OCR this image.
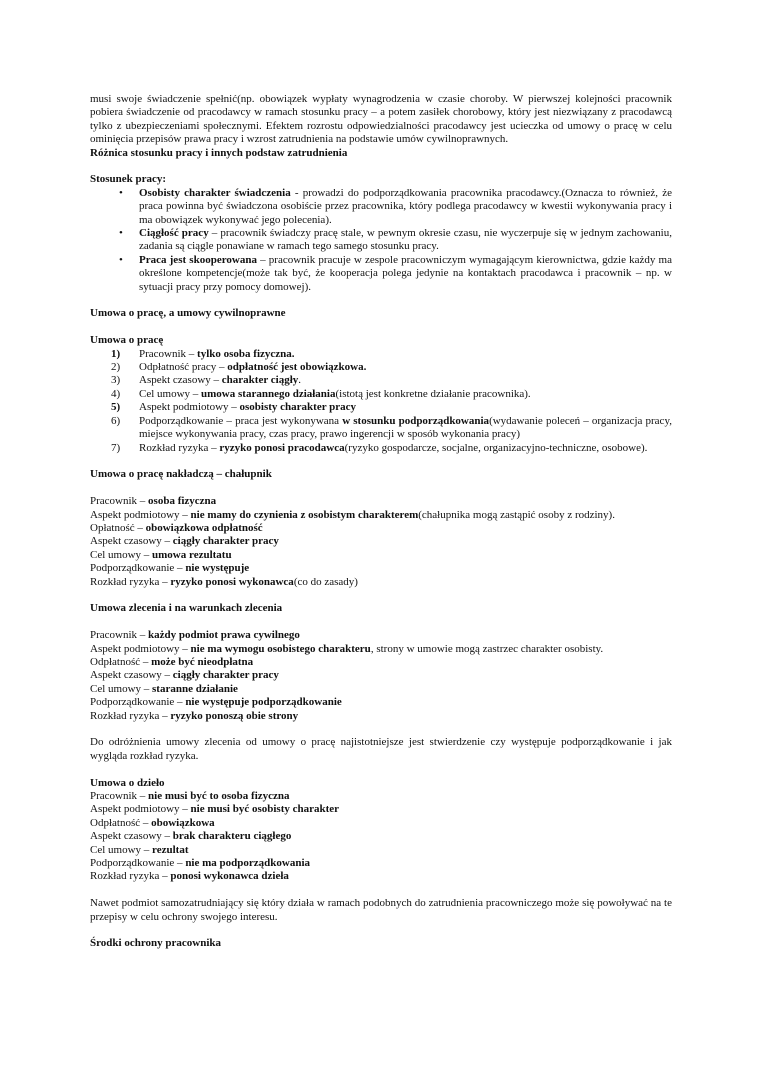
musi swoje świadczenie spełnić(np. obowiązek wypłaty wynagrodzenia w czasie choroby. W pierwszej kolejności pracownik pobiera świadczenie od pracodawcy w ramach stosunku pracy – a potem zasiłek chorobowy, który jest niezwiązany z pracodawcą tylko z ubezpieczeniami społecznymi. Efektem rozrostu odpowiedzialności pracodawcy jest ucieczka od umowy o pracę w celu ominięcia przepisów prawa pracy i wzrost zatrudnienia na podstawie umów cywilnoprawnych.

Różnica stosunku pracy i innych podstaw zatrudnienia

Stosunek pracy:

• Osobisty charakter świadczenia - prowadzi do podporządkowania pracownika pracodawcy.(Oznacza to również, że praca powinna być świadczona osobiście przez pracownika, który podlega pracodawcy w kwestii wykonywania pracy i ma obowiązek wykonywać jego polecenia).
• Ciągłość pracy – pracownik świadczy pracę stale, w pewnym okresie czasu, nie wyczerpuje się w jednym zachowaniu, zadania są ciągle ponawiane w ramach tego samego stosunku pracy.
• Praca jest skooperowana – pracownik pracuje w zespole pracowniczym wymagającym kierownictwa, gdzie każdy ma określone kompetencje(może tak być, że kooperacja polega jedynie na kontaktach pracodawca i pracownik – np. w sytuacji pracy przy pomocy domowej).

Umowa o pracę, a umowy cywilnoprawne

Umowa o pracę

1) Pracownik – tylko osoba fizyczna.
2) Odpłatność pracy – odpłatność jest obowiązkowa.
3) Aspekt czasowy – charakter ciągły.
4) Cel umowy – umowa starannego działania(istotą jest konkretne działanie pracownika).
5) Aspekt podmiotowy – osobisty charakter pracy
6) Podporządkowanie – praca jest wykonywana w stosunku podporządkowania(wydawanie poleceń – organizacja pracy, miejsce wykonywania pracy, czas pracy, prawo ingerencji w sposób wykonania pracy)
7) Rozkład ryzyka – ryzyko ponosi pracodawca(ryzyko gospodarcze, socjalne, organizacyjno-techniczne, osobowe).

Umowa o pracę nakładczą – chałupnik

Pracownik – osoba fizyczna

Aspekt podmiotowy – nie mamy do czynienia z osobistym charakterem(chałupnika mogą zastąpić osoby z rodziny).

Opłatność – obowiązkowa odpłatność

Aspekt czasowy – ciągły charakter pracy

Cel umowy – umowa rezultatu

Podporządkowanie – nie występuje

Rozkład ryzyka – ryzyko ponosi wykonawca(co do zasady)

Umowa zlecenia i na warunkach zlecenia

Pracownik – każdy podmiot prawa cywilnego

Aspekt podmiotowy – nie ma wymogu osobistego charakteru, strony w umowie mogą zastrzec charakter osobisty.

Odpłatność – może być nieodpłatna

Aspekt czasowy – ciągły charakter pracy

Cel umowy – staranne działanie

Podporządkowanie – nie występuje podporządkowanie

Rozkład ryzyka – ryzyko ponoszą obie strony

Do odróżnienia umowy zlecenia od umowy o pracę najistotniejsze jest stwierdzenie czy występuje podporządkowanie i jak wygląda rozkład ryzyka.

Umowa o dzieło

Pracownik – nie musi być to osoba fizyczna

Aspekt podmiotowy – nie musi być osobisty charakter

Odpłatność – obowiązkowa

Aspekt czasowy – brak charakteru ciągłego

Cel umowy – rezultat

Podporządkowanie – nie ma podporządkowania

Rozkład ryzyka – ponosi wykonawca dzieła

Nawet podmiot samozatrudniający się który działa w ramach podobnych do zatrudnienia pracowniczego może się powoływać na te przepisy w celu ochrony swojego interesu.

Środki ochrony pracownika
